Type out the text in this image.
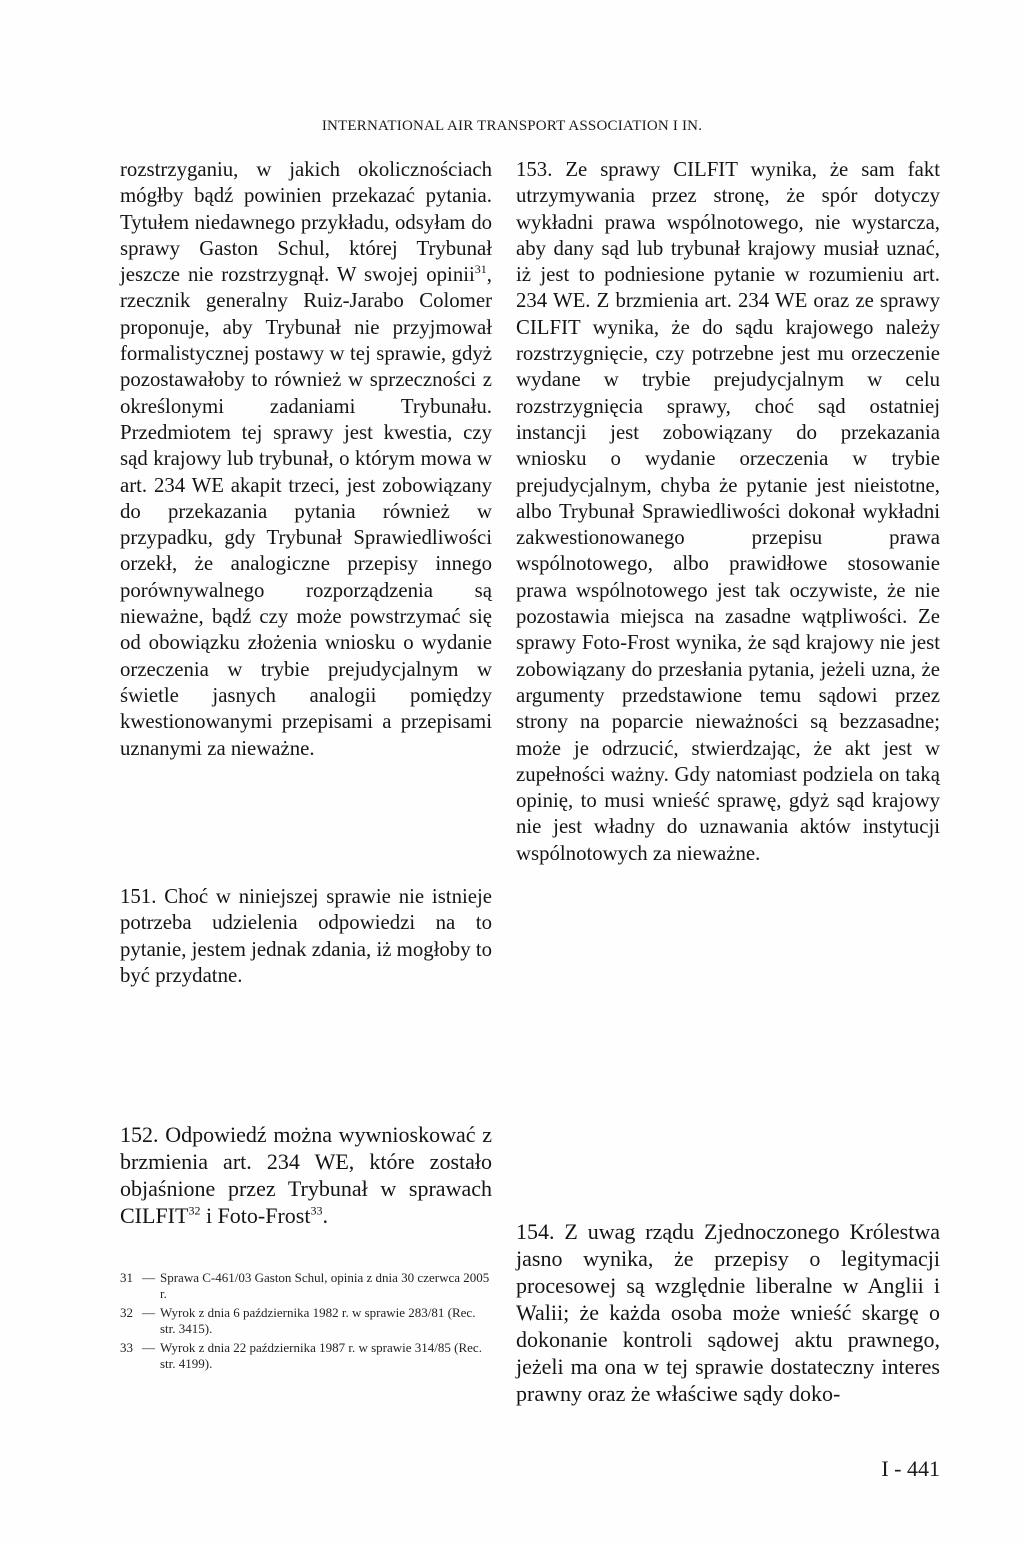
INTERNATIONAL AIR TRANSPORT ASSOCIATION I IN.

rozstrzyganiu, w jakich okolicznościach mógłby bądź powinien przekazać pytania. Tytułem niedawnego przykładu, odsyłam do sprawy Gaston Schul, której Trybunał jeszcze nie rozstrzygnął. W swojej opinii$^{31}$, rzecznik generalny Ruiz-Jarabo Colomer proponuje, aby Trybunał nie przyjmował formalistycznej postawy w tej sprawie, gdyż pozostawałoby to również w sprzeczności z określonymi zadaniami Trybunału. Przedmiotem tej sprawy jest kwestia, czy sąd krajowy lub trybunał, o którym mowa w art. 234 WE akapit trzeci, jest zobowiązany do przekazania pytania również w przypadku, gdy Trybunał Sprawiedliwości orzekł, że analogiczne przepisy innego porównywalnego rozporządzenia są nieważne, bądź czy może powstrzymać się od obowiązku złożenia wniosku o wydanie orzeczenia w trybie prejudycjalnym w świetle jasnych analogii pomiędzy kwestionowanymi przepisami a przepisami uznanymi za nieważne.

151. Choć w niniejszej sprawie nie istnieje potrzeba udzielenia odpowiedzi na to pytanie, jestem jednak zdania, iż mogłoby to być przydatne.

152. Odpowiedź można wywnioskować z brzmienia art. 234 WE, które zostało objaśnione przez Trybunał w sprawach CILFIT$^{32}$ i Foto-Frost$^{33}$.

31 — Sprawa C-461/03 Gaston Schul, opinia z dnia 30 czerwca 2005 r.
32 — Wyrok z dnia 6 października 1982 r. w sprawie 283/81 (Rec. str. 3415).
33 — Wyrok z dnia 22 października 1987 r. w sprawie 314/85 (Rec. str. 4199).

153. Ze sprawy CILFIT wynika, że sam fakt utrzymywania przez stronę, że spór dotyczy wykładni prawa wspólnotowego, nie wystarcza, aby dany sąd lub trybunał krajowy musiał uznać, iż jest to podniesione pytanie w rozumieniu art. 234 WE. Z brzmienia art. 234 WE oraz ze sprawy CILFIT wynika, że do sądu krajowego należy rozstrzygnięcie, czy potrzebne jest mu orzeczenie wydane w trybie prejudycjalnym w celu rozstrzygnięcia sprawy, choć sąd ostatniej instancji jest zobowiązany do przekazania wniosku o wydanie orzeczenia w trybie prejudycjalnym, chyba że pytanie jest nieistotne, albo Trybunał Sprawiedliwości dokonał wykładni zakwestionowanego przepisu prawa wspólnotowego, albo prawidłowe stosowanie prawa wspólnotowego jest tak oczywiste, że nie pozostawia miejsca na zasadne wątpliwości. Ze sprawy Foto-Frost wynika, że sąd krajowy nie jest zobowiązany do przesłania pytania, jeżeli uzna, że argumenty przedstawione temu sądowi przez strony na poparcie nieważności są bezzasadne; może je odrzucić, stwierdzając, że akt jest w zupełności ważny. Gdy natomiast podziela on taką opinię, to musi wnieść sprawę, gdyż sąd krajowy nie jest władny do uznawania aktów instytucji wspólnotowych za nieważne.

154. Z uwag rządu Zjednoczonego Królestwa jasno wynika, że przepisy o legitymacji procesowej są względnie liberalne w Anglii i Walii; że każda osoba może wnieść skargę o dokonanie kontroli sądowej aktu prawnego, jeżeli ma ona w tej sprawie dostateczny interes prawny oraz że właściwe sądy doko-

I - 441
